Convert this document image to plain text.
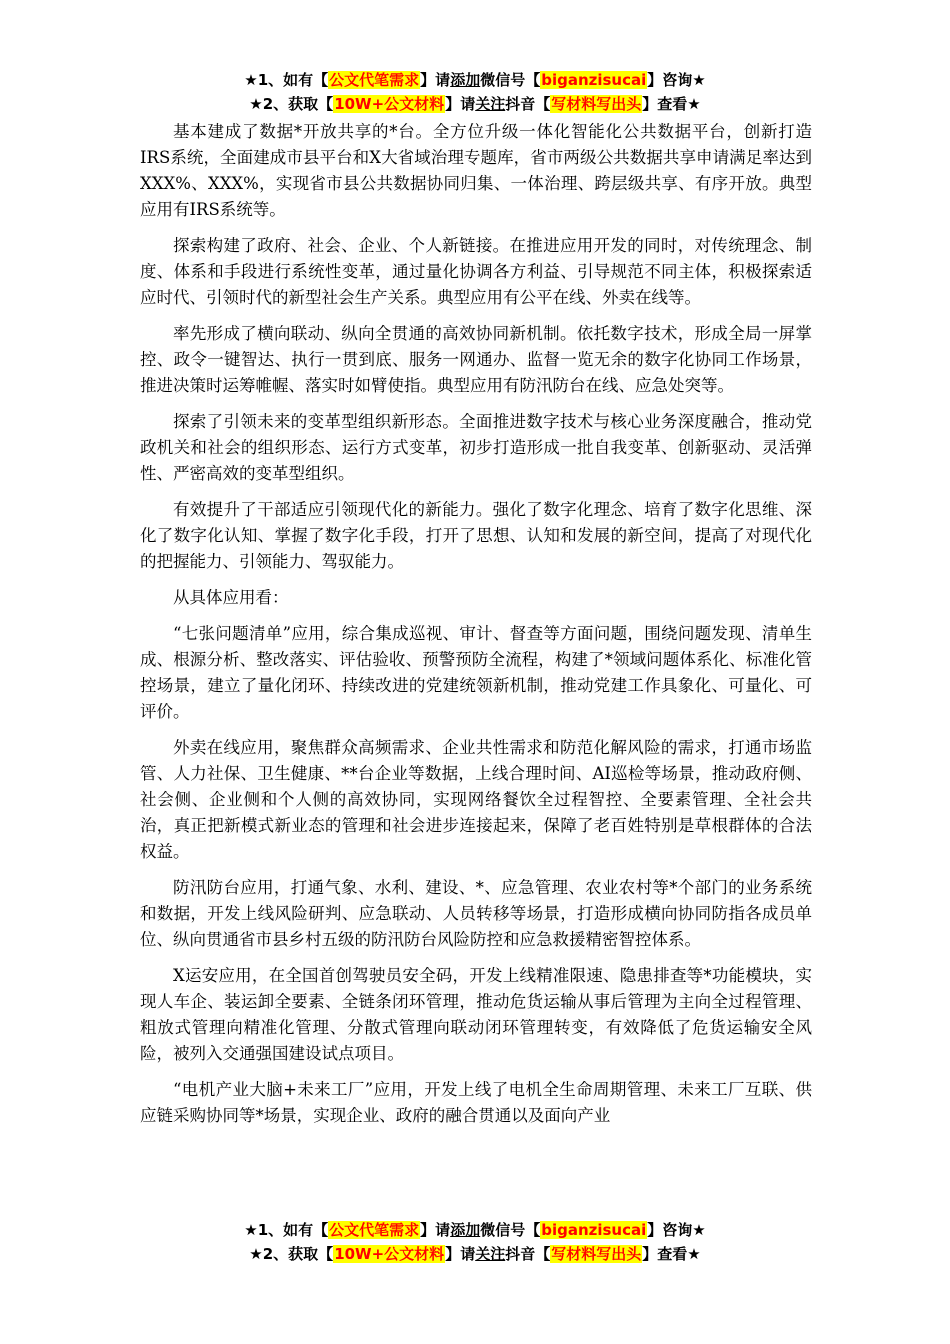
★1、如有【公文代笔需求】请添加微信号【biganzisucai】咨询★
★2、获取【10W+公文材料】请关注抖音【写材料写出头】查看★

基本建成了数据*开放共享的*台。全方位升级一体化智能化公共数据平台，创新打造IRS系统，全面建成市县平台和X大省域治理专题库，省市两级公共数据共享申请满足率达到XXX%、XXX%，实现省市县公共数据协同归集、一体治理、跨层级共享、有序开放。典型应用有IRS系统等。

探索构建了政府、社会、企业、个人新链接。在推进应用开发的同时，对传统理念、制度、体系和手段进行系统性变革，通过量化协调各方利益、引导规范不同主体，积极探索适应时代、引领时代的新型社会生产关系。典型应用有公平在线、外卖在线等。

率先形成了横向联动、纵向全贯通的高效协同新机制。依托数字技术，形成全局一屏掌控、政令一键智达、执行一贯到底、服务一网通办、监督一览无余的数字化协同工作场景，推进决策时运筹帷幄、落实时如臂使指。典型应用有防汛防台在线、应急处突等。

探索了引领未来的变革型组织新形态。全面推进数字技术与核心业务深度融合，推动党政机关和社会的组织形态、运行方式变革，初步打造形成一批自我变革、创新驱动、灵活弹性、严密高效的变革型组织。

有效提升了干部适应引领现代化的新能力。强化了数字化理念、培育了数字化思维、深化了数字化认知、掌握了数字化手段，打开了思想、认知和发展的新空间，提高了对现代化的把握能力、引领能力、驾驭能力。

从具体应用看：

“七张问题清单”应用，综合集成巡视、审计、督查等方面问题，围绕问题发现、清单生成、根源分析、整改落实、评估验收、预警预防全流程，构建了*领域问题体系化、标准化管控场景，建立了量化闭环、持续改进的党建统领新机制，推动党建工作具象化、可量化、可评价。

外卖在线应用，聚焦群众高频需求、企业共性需求和防范化解风险的需求，打通市场监管、人力社保、卫生健康、**台企业等数据，上线合理时间、AI巡检等场景，推动政府侧、社会侧、企业侧和个人侧的高效协同，实现网络餐饮全过程智控、全要素管理、全社会共治，真正把新模式新业态的管理和社会进步连接起来，保障了老百姓特别是草根群体的合法权益。

防汛防台应用，打通气象、水利、建设、*、应急管理、农业农村等*个部门的业务系统和数据，开发上线风险研判、应急联动、人员转移等场景，打造形成横向协同防指各成员单位、纵向贯通省市县乡村五级的防汛防台风险防控和应急救援精密智控体系。

X运安应用，在全国首创驾驶员安全码，开发上线精准限速、隐患排查等*功能模块，实现人车企、装运卸全要素、全链条闭环管理，推动危货运输从事后管理为主向全过程管理、粗放式管理向精准化管理、分散式管理向联动闭环管理转变，有效降低了危货运输安全风险，被列入交通强国建设试点项目。

“电机产业大脑+未来工厂”应用，开发上线了电机全生命周期管理、未来工厂互联、供应链采购协同等*场景，实现企业、政府的融合贯通以及面向产业

★1、如有【公文代笔需求】请添加微信号【biganzisucai】咨询★
★2、获取【10W+公文材料】请关注抖音【写材料写出头】查看★
